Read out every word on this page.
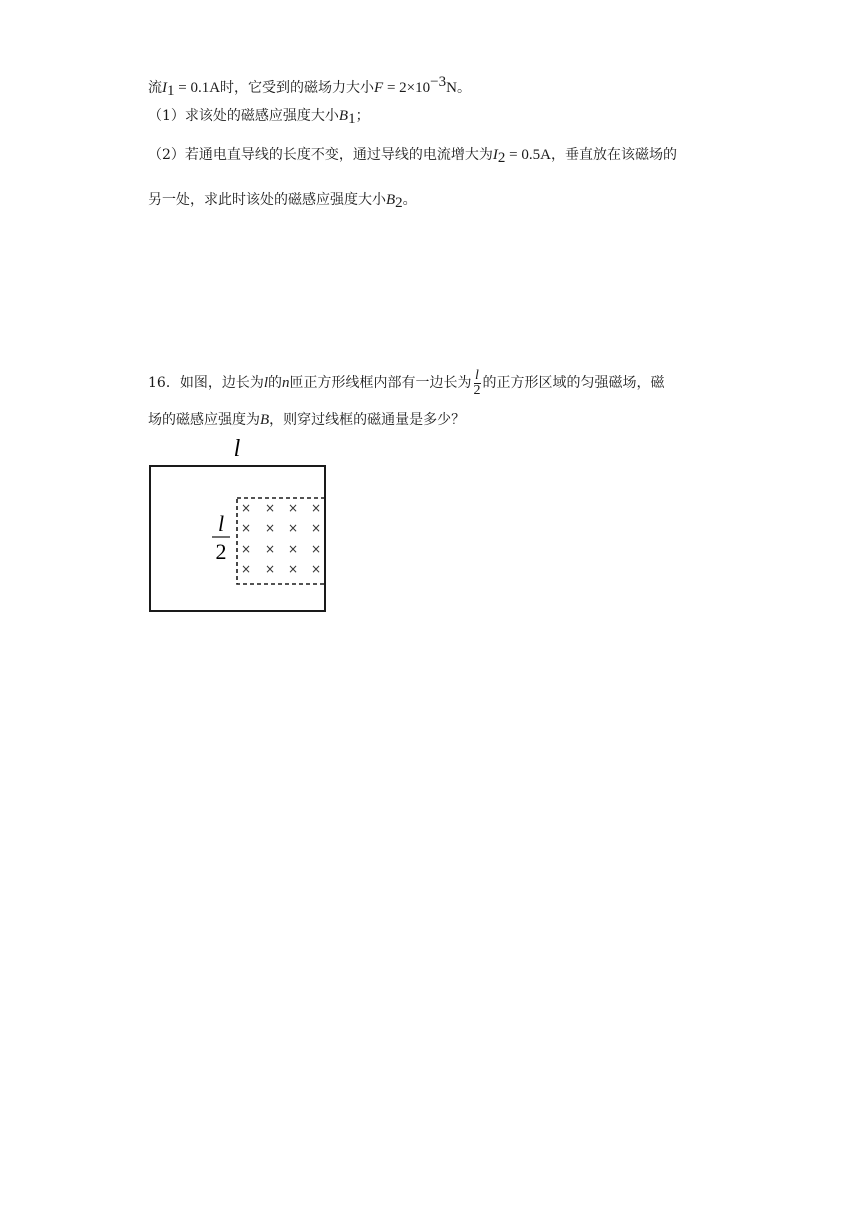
流$I_1 = 0.1A$时，它受到的磁场力大小$F = 2\times 10^{-3}N$。
（1）求该处的磁感应强度大小$B_1$；
（2）若通电直导线的长度不变，通过导线的电流增大为$I_2 = 0.5A$，垂直放在该磁场的
另一处，求此时该处的磁感应强度大小$B_2$。
16．如图，边长为l的n匝正方形线框内部有一边长为 $\frac{l}{2}$ 的正方形区域的匀强磁场，磁
场的磁感应强度为B，则穿过线框的磁通量是多少？
l
l
2
× × × ×
× × × ×
× × × ×
× × × ×
